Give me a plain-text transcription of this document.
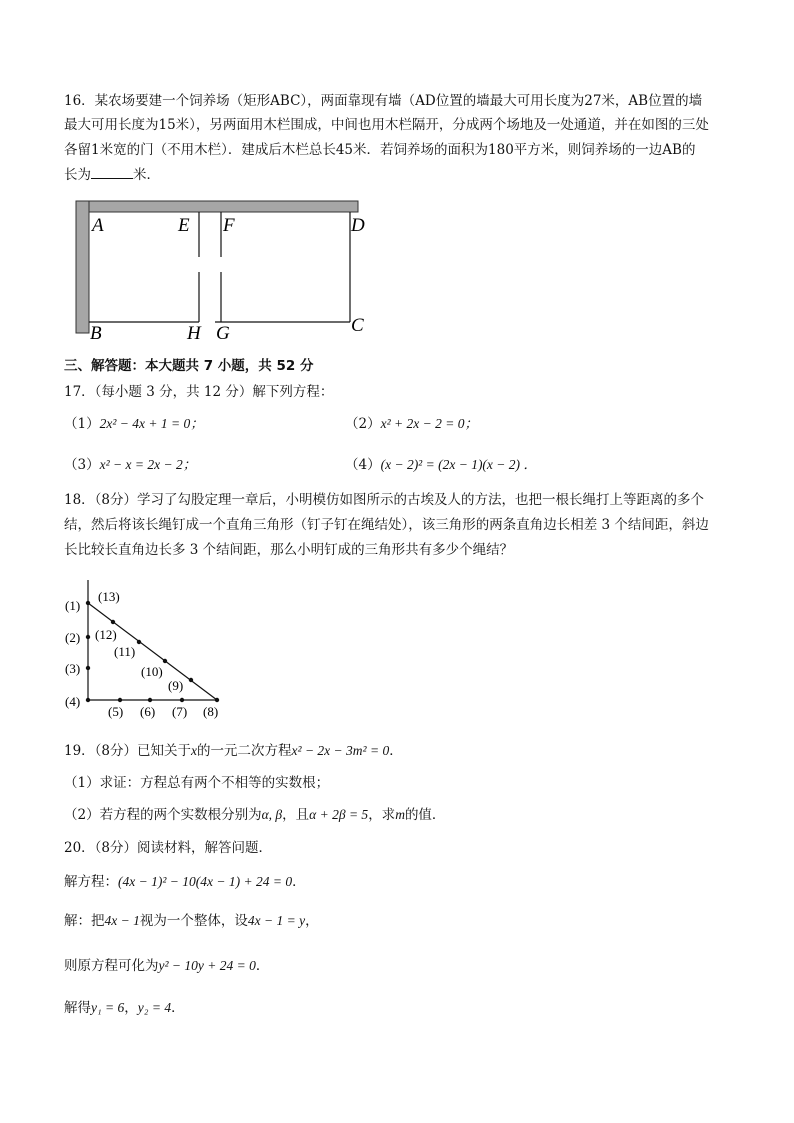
16．某农场要建一个饲养场（矩形ABC），两面靠现有墙（AD位置的墙最大可用长度为27米，AB位置的墙
最大可用长度为15米），另两面用木栏围成，中间也用木栏隔开，分成两个场地及一处通道，并在如图的三处
各留1米宽的门（不用木栏）．建成后木栏总长45米．若饲养场的面积为180平方米，则饲养场的一边AB的
长为	米．
A	E F	D
B	H G	C
三、解答题：本大题共 7 小题，共 52 分
17．（每小题 3 分，共 12 分）解下列方程：
（1）2x² − 4x + 1 = 0；	（2）x² + 2x − 2 = 0；
（3）x² − x = 2x − 2；	（4）(x − 2)² = (2x − 1)(x − 2) ．
18．（8分）学习了勾股定理一章后，小明模仿如图所示的古埃及人的方法，也把一根长绳打上等距离的多个
结，然后将该长绳钉成一个直角三角形（钉子钉在绳结处），该三角形的两条直角边长相差 3 个结间距，斜边
长比较长直角边长多 3 个结间距，那么小明钉成的三角形共有多少个绳结？
(1)
(2)
(3)
(4)
(5) (6) (7) (8)
(9)
(10)
(11)
(12)
(13)
19．（8分）已知关于x的一元二次方程x² − 2x − 3m² = 0．
（1）求证：方程总有两个不相等的实数根；
（2）若方程的两个实数根分别为α, β，且α + 2β = 5，求m的值．
20．（8分）阅读材料，解答问题．
解方程：(4x − 1)² − 10(4x − 1) + 24 = 0．
解：把4x − 1视为一个整体，设4x − 1 = y，
则原方程可化为y² − 10y + 24 = 0．
解得y₁ = 6，y₂ = 4．
